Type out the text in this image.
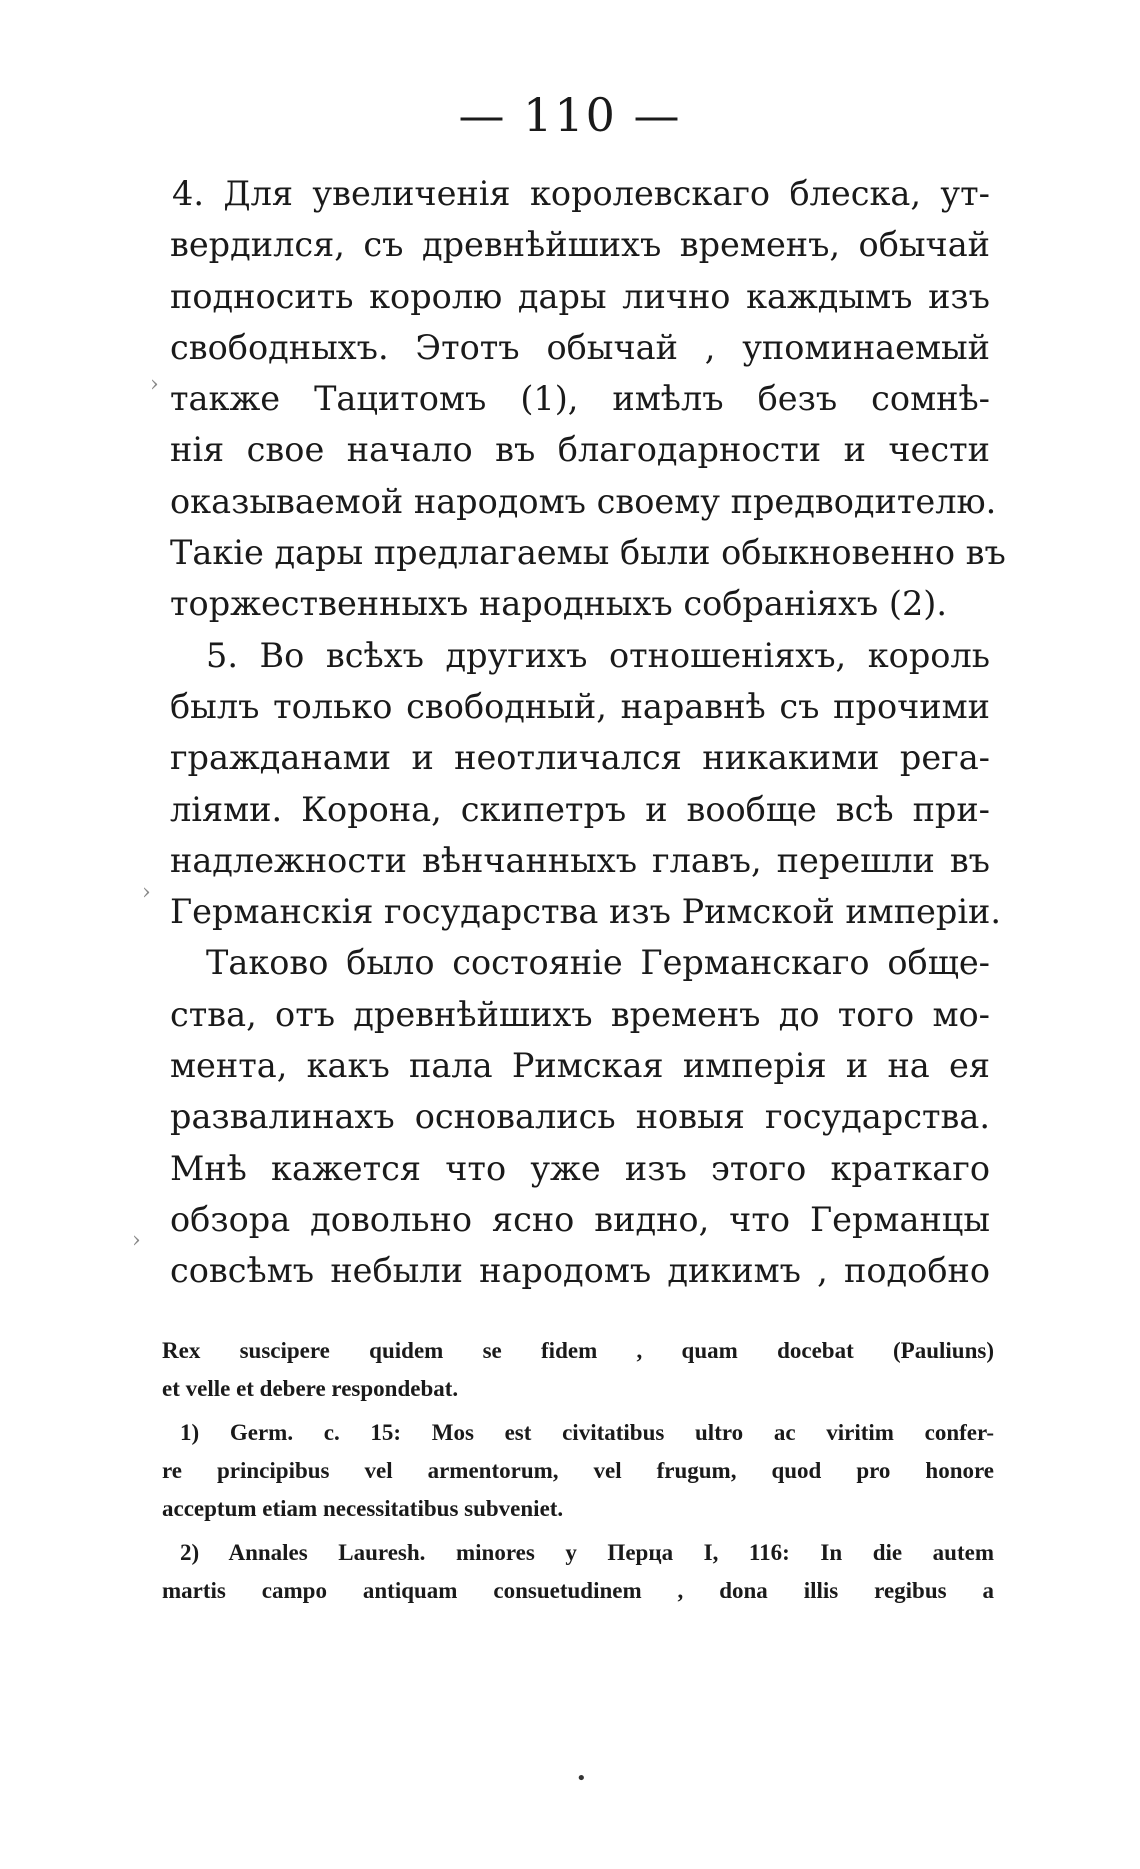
— 110 —
4. Для увеличенія королевскаго блеска, ут-
вердился, съ древнѣйшихъ временъ, обычай
подносить королю дары лично каждымъ изъ
свободныхъ. Этотъ обычай , упоминаемый
также Тацитомъ (1), имѣлъ безъ сомнѣ-
нія свое начало въ благодарности и чести
оказываемой народомъ своему предводителю.
Такіе дары предлагаемы были обыкновенно въ
торжественныхъ народныхъ собраніяхъ (2).
5. Во всѣхъ другихъ отношеніяхъ, король
былъ только свободный, наравнѣ съ прочими
гражданами и неотличался никакими рега-
ліями. Корона, скипетръ и вообще всѣ при-
надлежности вѣнчанныхъ главъ, перешли въ
Германскія государства изъ Римской имперіи.
Таково было состояніе Германскаго обще-
ства, отъ древнѣйшихъ временъ до того мо-
мента, какъ пала Римская имперія и на ея
развалинахъ основались новыя государства.
Мнѣ кажется что уже изъ этого краткаго
обзора довольно ясно видно, что Германцы
совсѣмъ небыли народомъ дикимъ , подобно
Rex suscipere quidem se fidem , quam docebat (Pauliuns)
et velle et debere respondebat.
1) Germ. c. 15: Mos est civitatibus ultro ac viritim confer-
re principibus vel armentorum, vel frugum, quod pro honore
acceptum etiam necessitatibus subveniet.
2) Annales Lauresh. minores у Перца I, 116: In die autem
martis campo antiquam consuetudinem , dona illis regibus a
•
›
›
›
